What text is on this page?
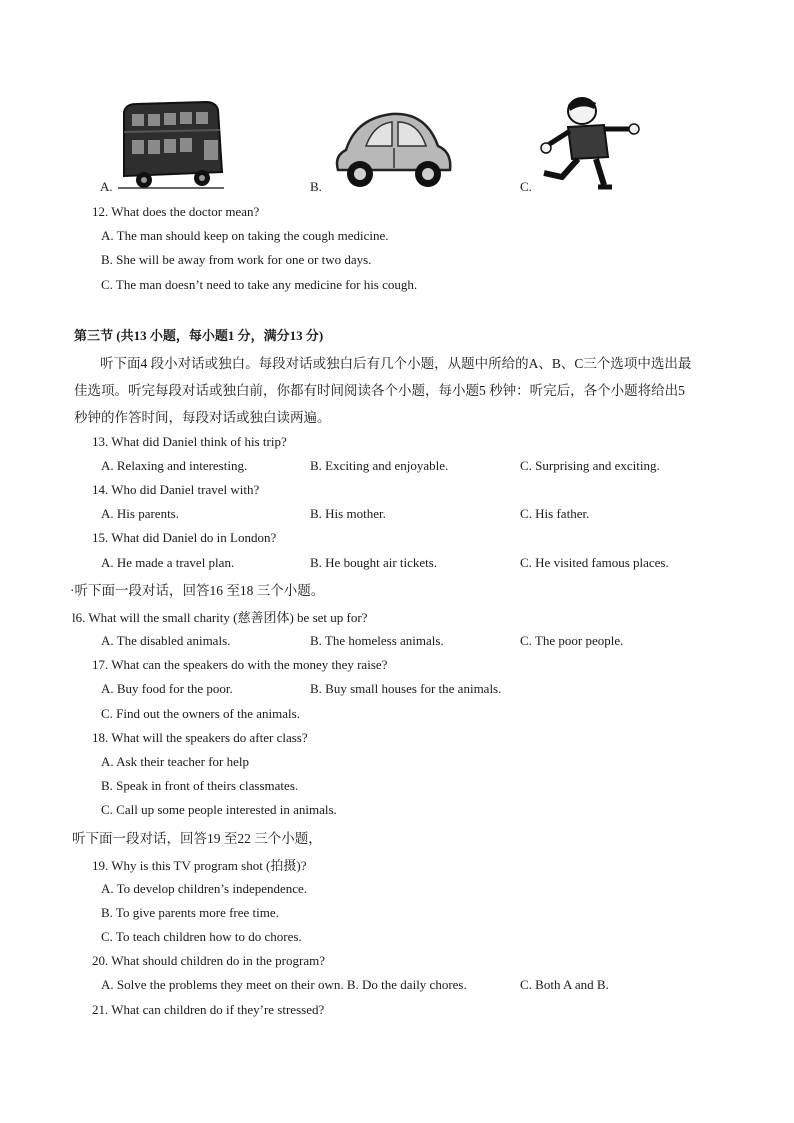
A.	B.	C.
12. What does the doctor mean?
A. The man should keep on taking the cough medicine.
B. She will be away from work for one or two days.
C. The man doesn’t need to take any medicine for his cough.
第三节 (共13 小题，每小题1 分，满分13 分)
听下面4 段小对话或独白。每段对话或独白后有几个小题，从题中所给的A、B、C三个选项中选出最
佳选项。听完每段对话或独白前，你都有时间阅读各个小题，每小题5 秒钟：听完后，各个小题将给出5
秒钟的作答时间，每段对话或独白读两遍。
13. What did Daniel think of his trip?
A. Relaxing and interesting.	B. Exciting and enjoyable.	C. Surprising and exciting.
14. Who did Daniel travel with?
A. His parents.	B. His mother.	C. His father.
15. What did Daniel do in London?
A. He made a travel plan.	B. He bought air tickets.	C. He visited famous places.
·听下面一段对话，回答16 至18 三个小题。
l6. What will the small charity (慈善团体) be set up for?
A. The disabled animals.	B. The homeless animals.	C. The poor people.
17. What can the speakers do with the money they raise?
A. Buy food for the poor.	B. Buy small houses for the animals.
C. Find out the owners of the animals.
18. What will the speakers do after class?
A. Ask their teacher for help
B. Speak in front of theirs classmates.
C. Call up some people interested in animals.
听下面一段对话，回答19 至22 三个小题，
19. Why is this TV program shot (拍摄)?
A. To develop children’s independence.
B. To give parents more free time.
C. To teach children how to do chores.
20. What should children do in the program?
A. Solve the problems they meet on their own. B. Do the daily chores.	C. Both A and B.
21. What can children do if they’re stressed?
